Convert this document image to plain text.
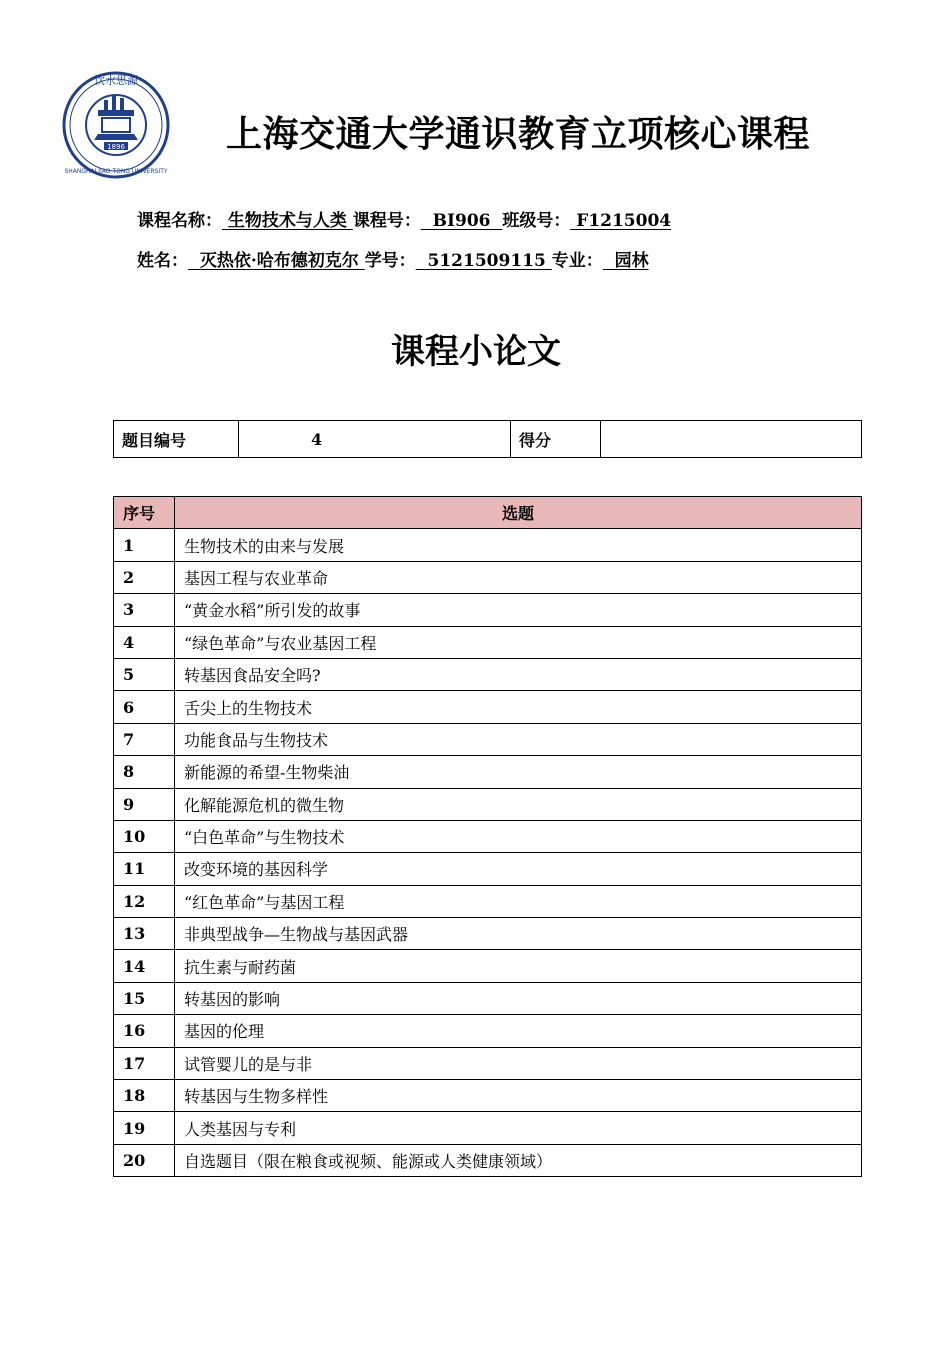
1896
饮水思源
SHANGHAI JIAO TONG UNIVERSITY
上海交通大学通识教育立项核心课程
课程名称： 生物技术与人类 课程号：  BI906  班级号： F1215004
姓名：  灭热依·哈布德初克尔 学号：  5121509115 专业：  园林
课程小论文
题目编号	4	得分	
序号	选题
1	生物技术的由来与发展
2	基因工程与农业革命
3	“黄金水稻”所引发的故事
4	“绿色革命”与农业基因工程
5	转基因食品安全吗?
6	舌尖上的生物技术
7	功能食品与生物技术
8	新能源的希望-生物柴油
9	化解能源危机的微生物
10	“白色革命”与生物技术
11	改变环境的基因科学
12	“红色革命”与基因工程
13	非典型战争—生物战与基因武器
14	抗生素与耐药菌
15	转基因的影响
16	基因的伦理
17	试管婴儿的是与非
18	转基因与生物多样性
19	人类基因与专利
20	自选题目（限在粮食或视频、能源或人类健康领域）
